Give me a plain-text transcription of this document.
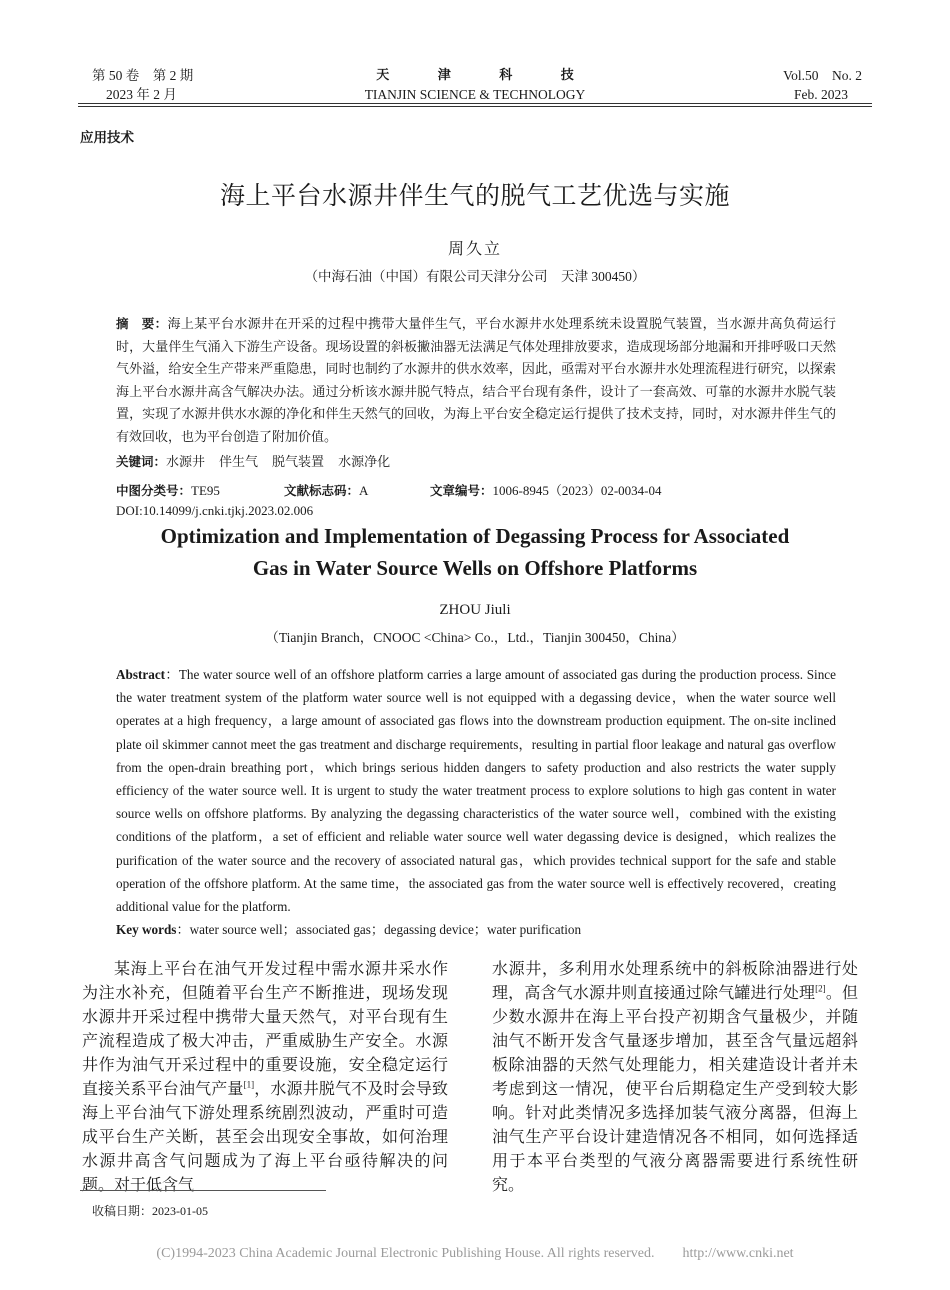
第 50 卷　第 2 期
2023 年 2 月
天 津 科 技
TIANJIN SCIENCE & TECHNOLOGY
Vol.50　No. 2
Feb. 2023
应用技术
海上平台水源井伴生气的脱气工艺优选与实施
周久立
（中海石油（中国）有限公司天津分公司　天津 300450）
摘　要：海上某平台水源井在开采的过程中携带大量伴生气，平台水源井水处理系统未设置脱气装置，当水源井高负荷运行时，大量伴生气涌入下游生产设备。现场设置的斜板撇油器无法满足气体处理排放要求，造成现场部分地漏和开排呼吸口天然气外溢，给安全生产带来严重隐患，同时也制约了水源井的供水效率，因此，亟需对平台水源井水处理流程进行研究，以探索海上平台水源井高含气解决办法。通过分析该水源井脱气特点，结合平台现有条件，设计了一套高效、可靠的水源井水脱气装置，实现了水源井供水水源的净化和伴生天然气的回收，为海上平台安全稳定运行提供了技术支持，同时，对水源井伴生气的有效回收，也为平台创造了附加价值。
关键词：水源井 伴生气 脱气装置 水源净化
中图分类号：TE95	文献标志码：A	文章编号：1006-8945（2023）02-0034-04
DOI:10.14099/j.cnki.tjkj.2023.02.006
Optimization and Implementation of Degassing Process for Associated
Gas in Water Source Wells on Offshore Platforms
ZHOU Jiuli
（Tianjin Branch，CNOOC <China> Co.，Ltd.，Tianjin 300450，China）
Abstract：The water source well of an offshore platform carries a large amount of associated gas during the production process. Since the water treatment system of the platform water source well is not equipped with a degassing device，when the water source well operates at a high frequency，a large amount of associated gas flows into the downstream production equipment. The on-site inclined plate oil skimmer cannot meet the gas treatment and discharge requirements，resulting in partial floor leakage and natural gas overflow from the open-drain breathing port，which brings serious hidden dangers to safety production and also restricts the water supply efficiency of the water source well. It is urgent to study the water treatment process to explore solutions to high gas content in water source wells on offshore platforms. By analyzing the degassing characteristics of the water source well，combined with the existing conditions of the platform，a set of efficient and reliable water source well water degassing device is designed，which realizes the purification of the water source and the recovery of associated natural gas，which provides technical support for the safe and stable operation of the offshore platform. At the same time，the associated gas from the water source well is effectively recovered，creating additional value for the platform.
Key words：water source well；associated gas；degassing device；water purification
某海上平台在油气开发过程中需水源井采水作为注水补充，但随着平台生产不断推进，现场发现水源井开采过程中携带大量天然气，对平台现有生产流程造成了极大冲击，严重威胁生产安全。水源井作为油气开采过程中的重要设施，安全稳定运行直接关系平台油气产量[1]，水源井脱气不及时会导致海上平台油气下游处理系统剧烈波动，严重时可造成平台生产关断，甚至会出现安全事故，如何治理水源井高含气问题成为了海上平台亟待解决的问题。对于低含气
水源井，多利用水处理系统中的斜板除油器进行处理，高含气水源井则直接通过除气罐进行处理[2]。但少数水源井在海上平台投产初期含气量极少，并随油气不断开发含气量逐步增加，甚至含气量远超斜板除油器的天然气处理能力，相关建造设计者并未考虑到这一情况，使平台后期稳定生产受到较大影响。针对此类情况多选择加装气液分离器，但海上油气生产平台设计建造情况各不相同，如何选择适用于本平台类型的气液分离器需要进行系统性研究。
收稿日期：2023-01-05
(C)1994-2023 China Academic Journal Electronic Publishing House. All rights reserved.　　http://www.cnki.net
